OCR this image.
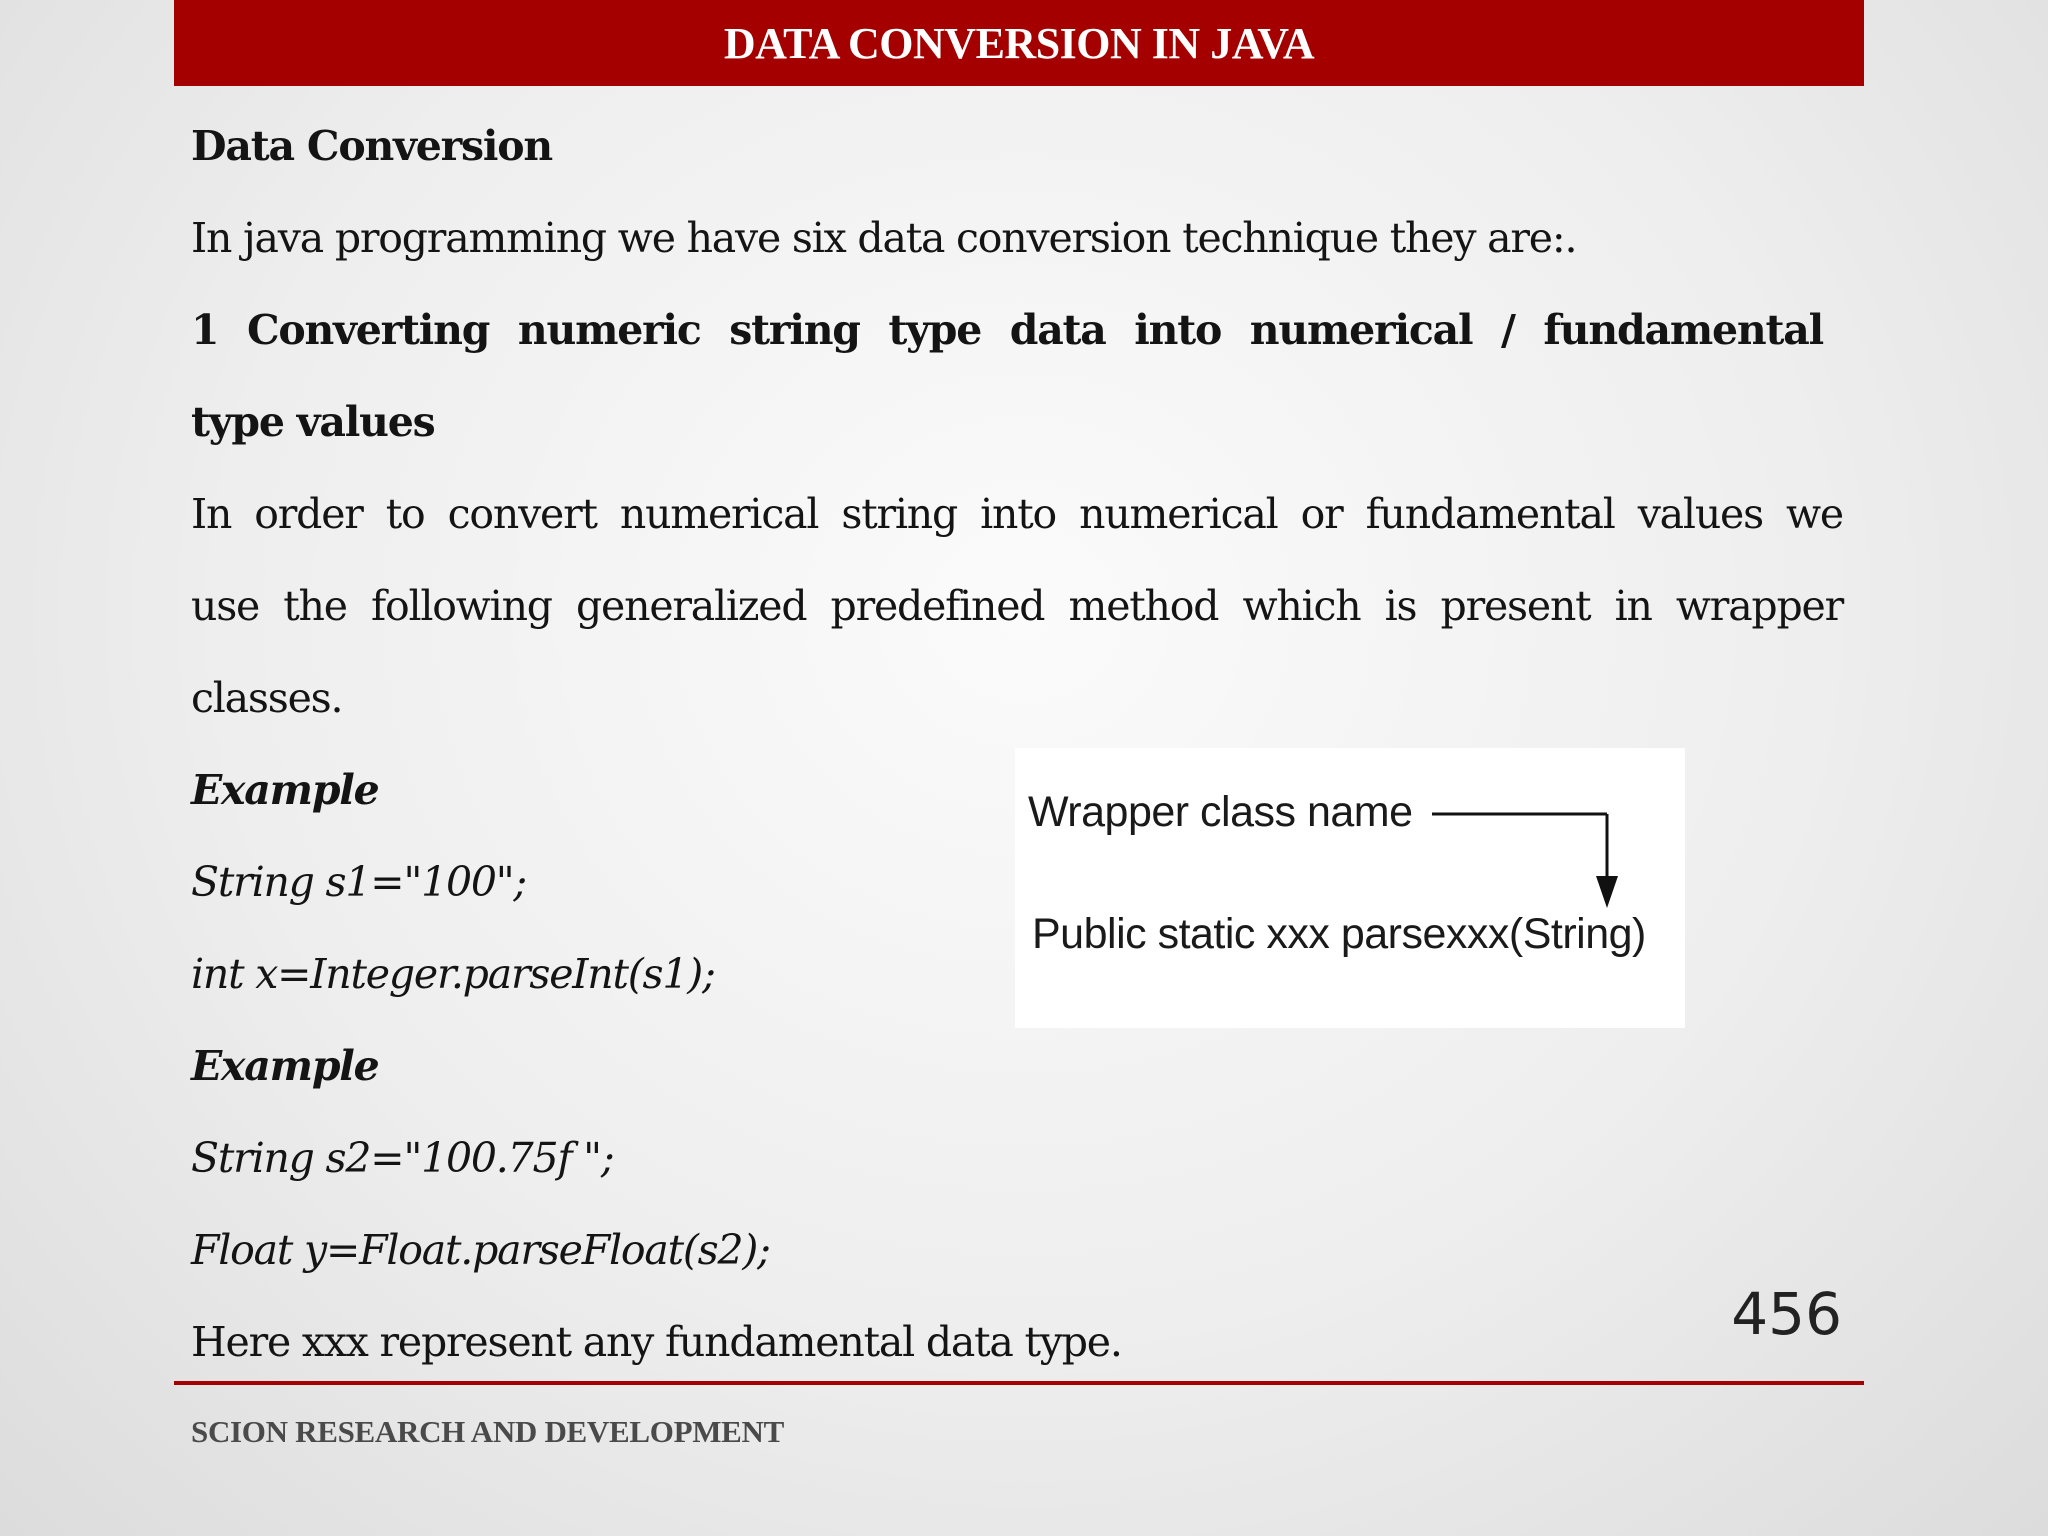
DATA CONVERSION IN JAVA
Data Conversion
In java programming we have six data conversion technique they are:.
1 Converting numeric string type data into numerical / fundamental
type values
In order to convert numerical string into numerical or fundamental values we
use the following generalized predefined method which is present in wrapper
classes.
Example
String s1="100";
int x=Integer.parseInt(s1);
Example
String s2="100.75f ";
Float y=Float.parseFloat(s2);
Here xxx represent any fundamental data type.
Wrapper class name
Public static xxx parsexxx(String)
456
SCION RESEARCH AND DEVELOPMENT
